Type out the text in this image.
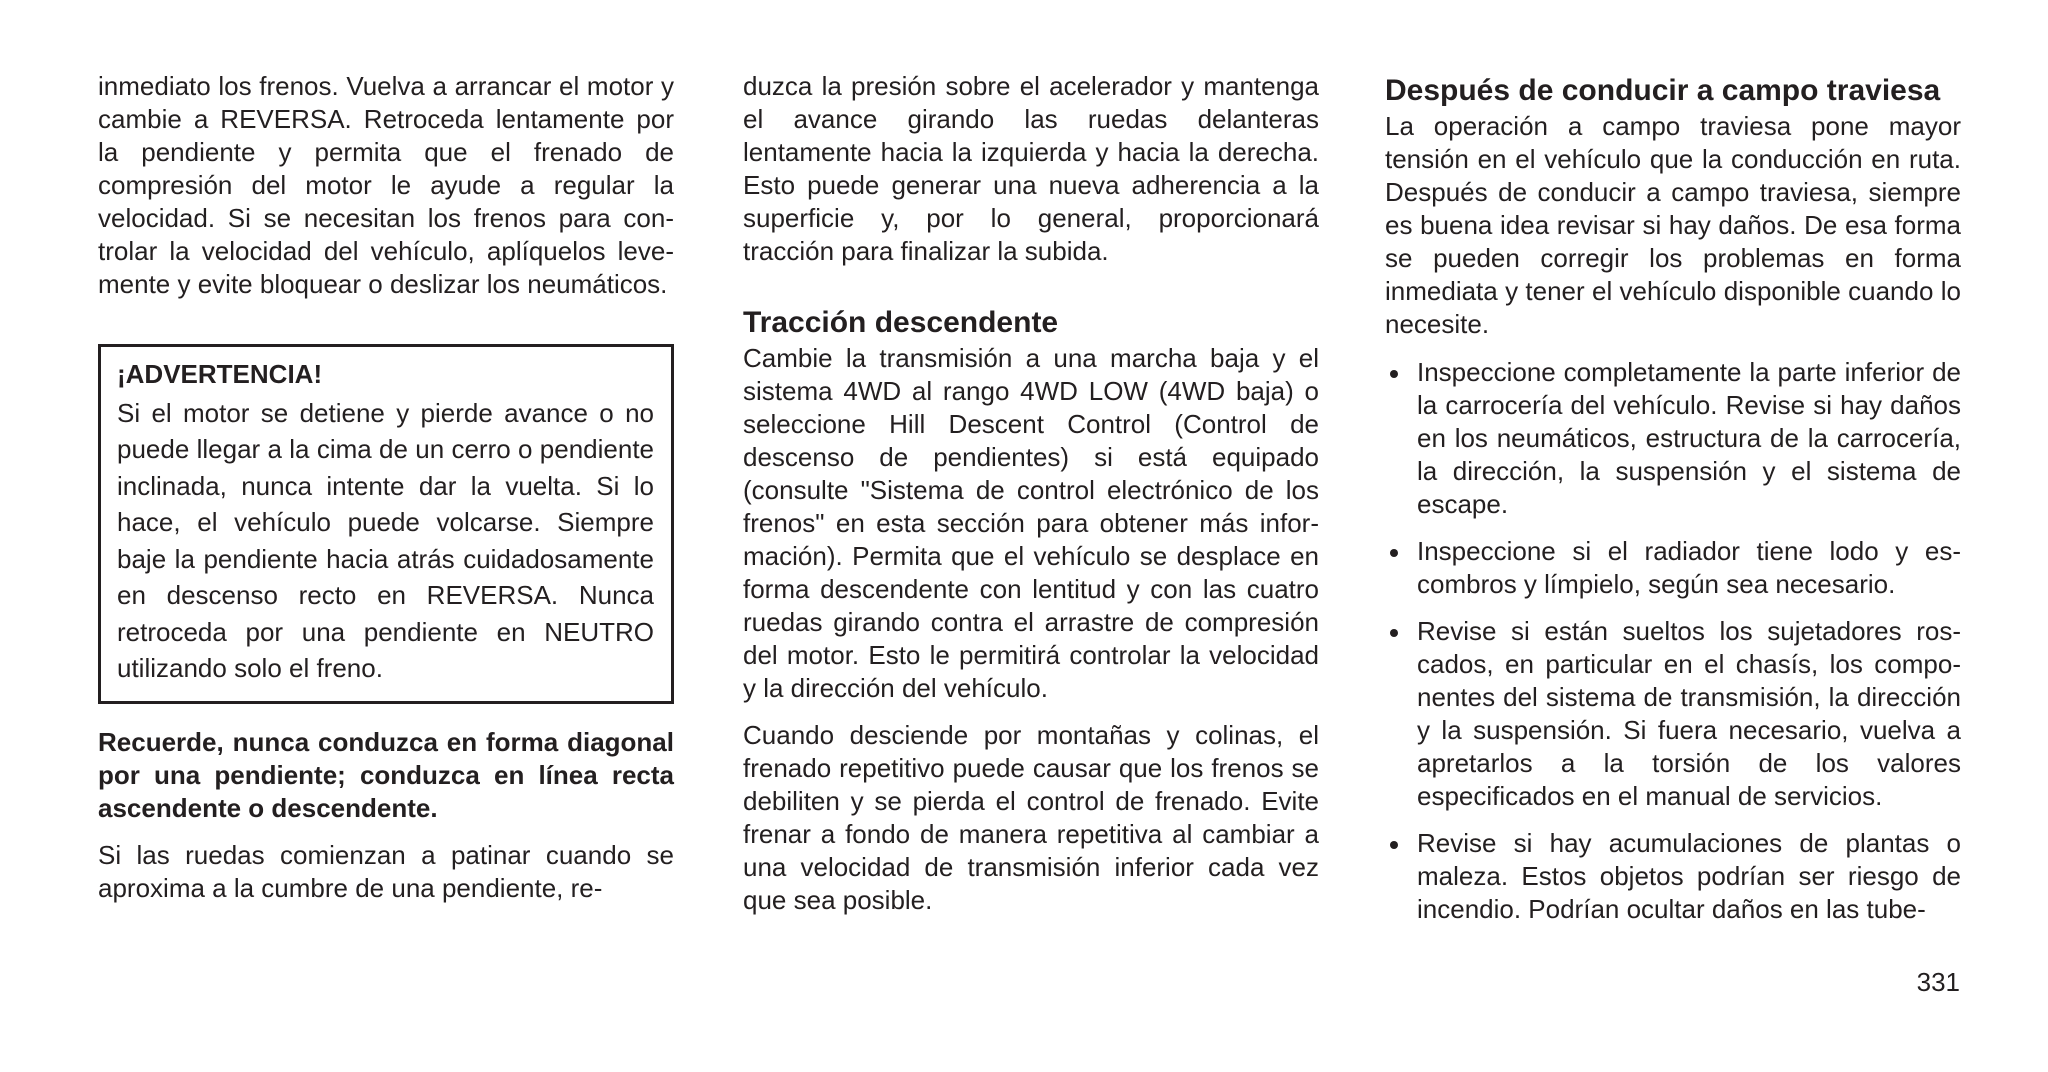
inmediato los frenos. Vuelva a arrancar el motor y cambie a REVERSA. Retroceda lentamente por la pendiente y permita que el frenado de compresión del motor le ayude a regular la velocidad. Si se necesitan los frenos para controlar la velocidad del vehículo, aplíquelos levemente y evite bloquear o deslizar los neumáticos.

¡ADVERTENCIA!

Si el motor se detiene y pierde avance o no puede llegar a la cima de un cerro o pendiente inclinada, nunca intente dar la vuelta. Si lo hace, el vehículo puede volcarse. Siempre baje la pendiente hacia atrás cuidadosamente en descenso recto en REVERSA. Nunca retroceda por una pendiente en NEUTRO utilizando solo el freno.

Recuerde, nunca conduzca en forma diagonal por una pendiente; conduzca en línea recta ascendente o descendente.

Si las ruedas comienzan a patinar cuando se aproxima a la cumbre de una pendiente, re-

duzca la presión sobre el acelerador y mantenga el avance girando las ruedas delanteras lentamente hacia la izquierda y hacia la derecha. Esto puede generar una nueva adherencia a la superficie y, por lo general, proporcionará tracción para finalizar la subida.

Tracción descendente

Cambie la transmisión a una marcha baja y el sistema 4WD al rango 4WD LOW (4WD baja) o seleccione Hill Descent Control (Control de descenso de pendientes) si está equipado (consulte "Sistema de control electrónico de los frenos" en esta sección para obtener más información). Permita que el vehículo se desplace en forma descendente con lentitud y con las cuatro ruedas girando contra el arrastre de compresión del motor. Esto le permitirá controlar la velocidad y la dirección del vehículo.

Cuando desciende por montañas y colinas, el frenado repetitivo puede causar que los frenos se debiliten y se pierda el control de frenado. Evite frenar a fondo de manera repetitiva al cambiar a una velocidad de transmisión inferior cada vez que sea posible.

Después de conducir a campo traviesa

La operación a campo traviesa pone mayor tensión en el vehículo que la conducción en ruta. Después de conducir a campo traviesa, siempre es buena idea revisar si hay daños. De esa forma se pueden corregir los problemas en forma inmediata y tener el vehículo disponible cuando lo necesite.

Inspeccione completamente la parte inferior de la carrocería del vehículo. Revise si hay daños en los neumáticos, estructura de la carrocería, la dirección, la suspensión y el sistema de escape.
Inspeccione si el radiador tiene lodo y escombros y límpielo, según sea necesario.
Revise si están sueltos los sujetadores roscados, en particular en el chasís, los componentes del sistema de transmisión, la dirección y la suspensión. Si fuera necesario, vuelva a apretarlos a la torsión de los valores especificados en el manual de servicios.
Revise si hay acumulaciones de plantas o maleza. Estos objetos podrían ser riesgo de incendio. Podrían ocultar daños en las tube-
331
